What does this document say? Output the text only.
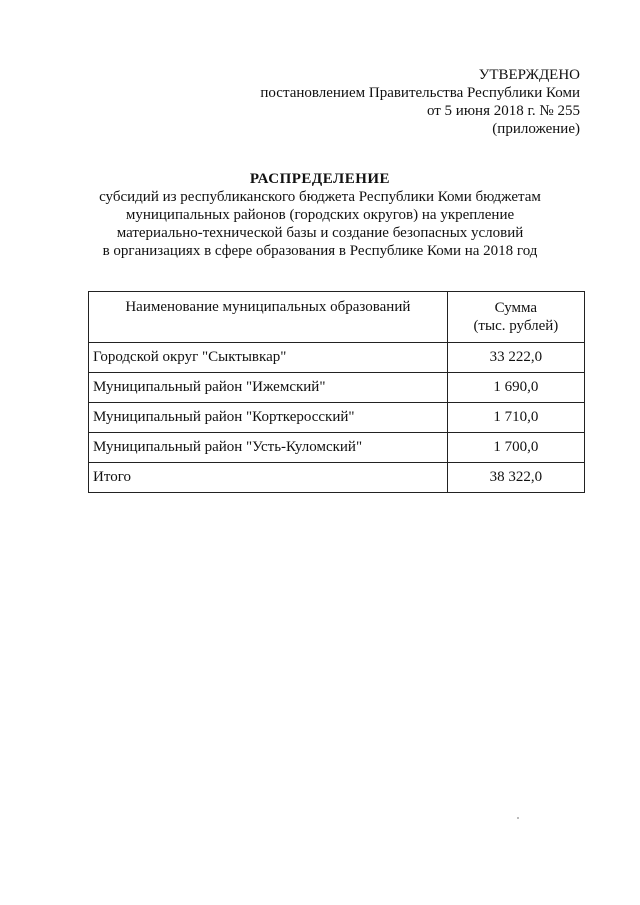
УТВЕРЖДЕНО
постановлением Правительства Республики Коми
от 5 июня 2018 г. № 255
(приложение)
РАСПРЕДЕЛЕНИЕ
субсидий из республиканского бюджета Республики Коми бюджетам
муниципальных районов (городских округов) на укрепление
материально-технической базы и создание безопасных условий
в организациях в сфере образования в Республике Коми на 2018 год
Наименование муниципальных образований	Сумма
(тыс. рублей)

Городской округ "Сыктывкар"	33 222,0
Муниципальный район "Ижемский"	1 690,0
Муниципальный район "Корткеросский"	1 710,0
Муниципальный район "Усть-Куломский"	1 700,0
Итого	38 322,0
